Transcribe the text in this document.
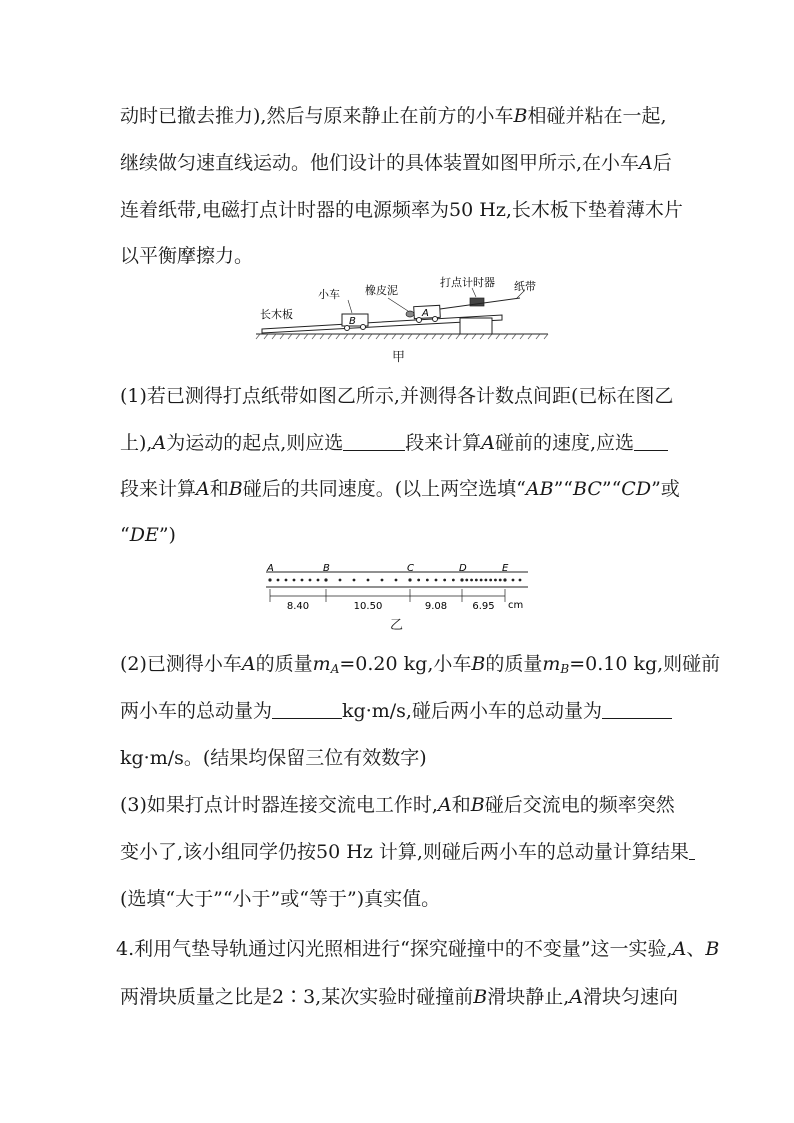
动时已撤去推力),然后与原来静止在前方的小车B相碰并粘在一起,
继续做匀速直线运动。他们设计的具体装置如图甲所示,在小车A后
连着纸带,电磁打点计时器的电源频率为50 Hz,长木板下垫着薄木片
以平衡摩擦力。
B
A
长木板
小车 橡皮泥
打点计时器 纸带
甲
(1)若已测得打点纸带如图乙所示,并测得各计数点间距(已标在图乙
上),A为运动的起点,则应选	段来计算A碰前的速度,应选
段来计算A和B碰后的共同速度。(以上两空选填“AB”“BC”“CD”或
“DE”)
A	B	C	D	E
8.40	10.50	9.08	6.95 cm
乙
(2)已测得小车A的质量$m_A=0.20$ kg,小车B的质量$m_B=0.10$ kg,则碰前
两小车的总动量为	kg·m/s,碰后两小车的总动量为
kg·m/s。(结果均保留三位有效数字)
(3)如果打点计时器连接交流电工作时,A和B碰后交流电的频率突然
变小了,该小组同学仍按50 Hz 计算,则碰后两小车的总动量计算结果
(选填“大于”“小于”或“等于”)真实值。
4.利用气垫导轨通过闪光照相进行“探究碰撞中的不变量”这一实验,A、B
两滑块质量之比是2∶3,某次实验时碰撞前B滑块静止,A滑块匀速向
